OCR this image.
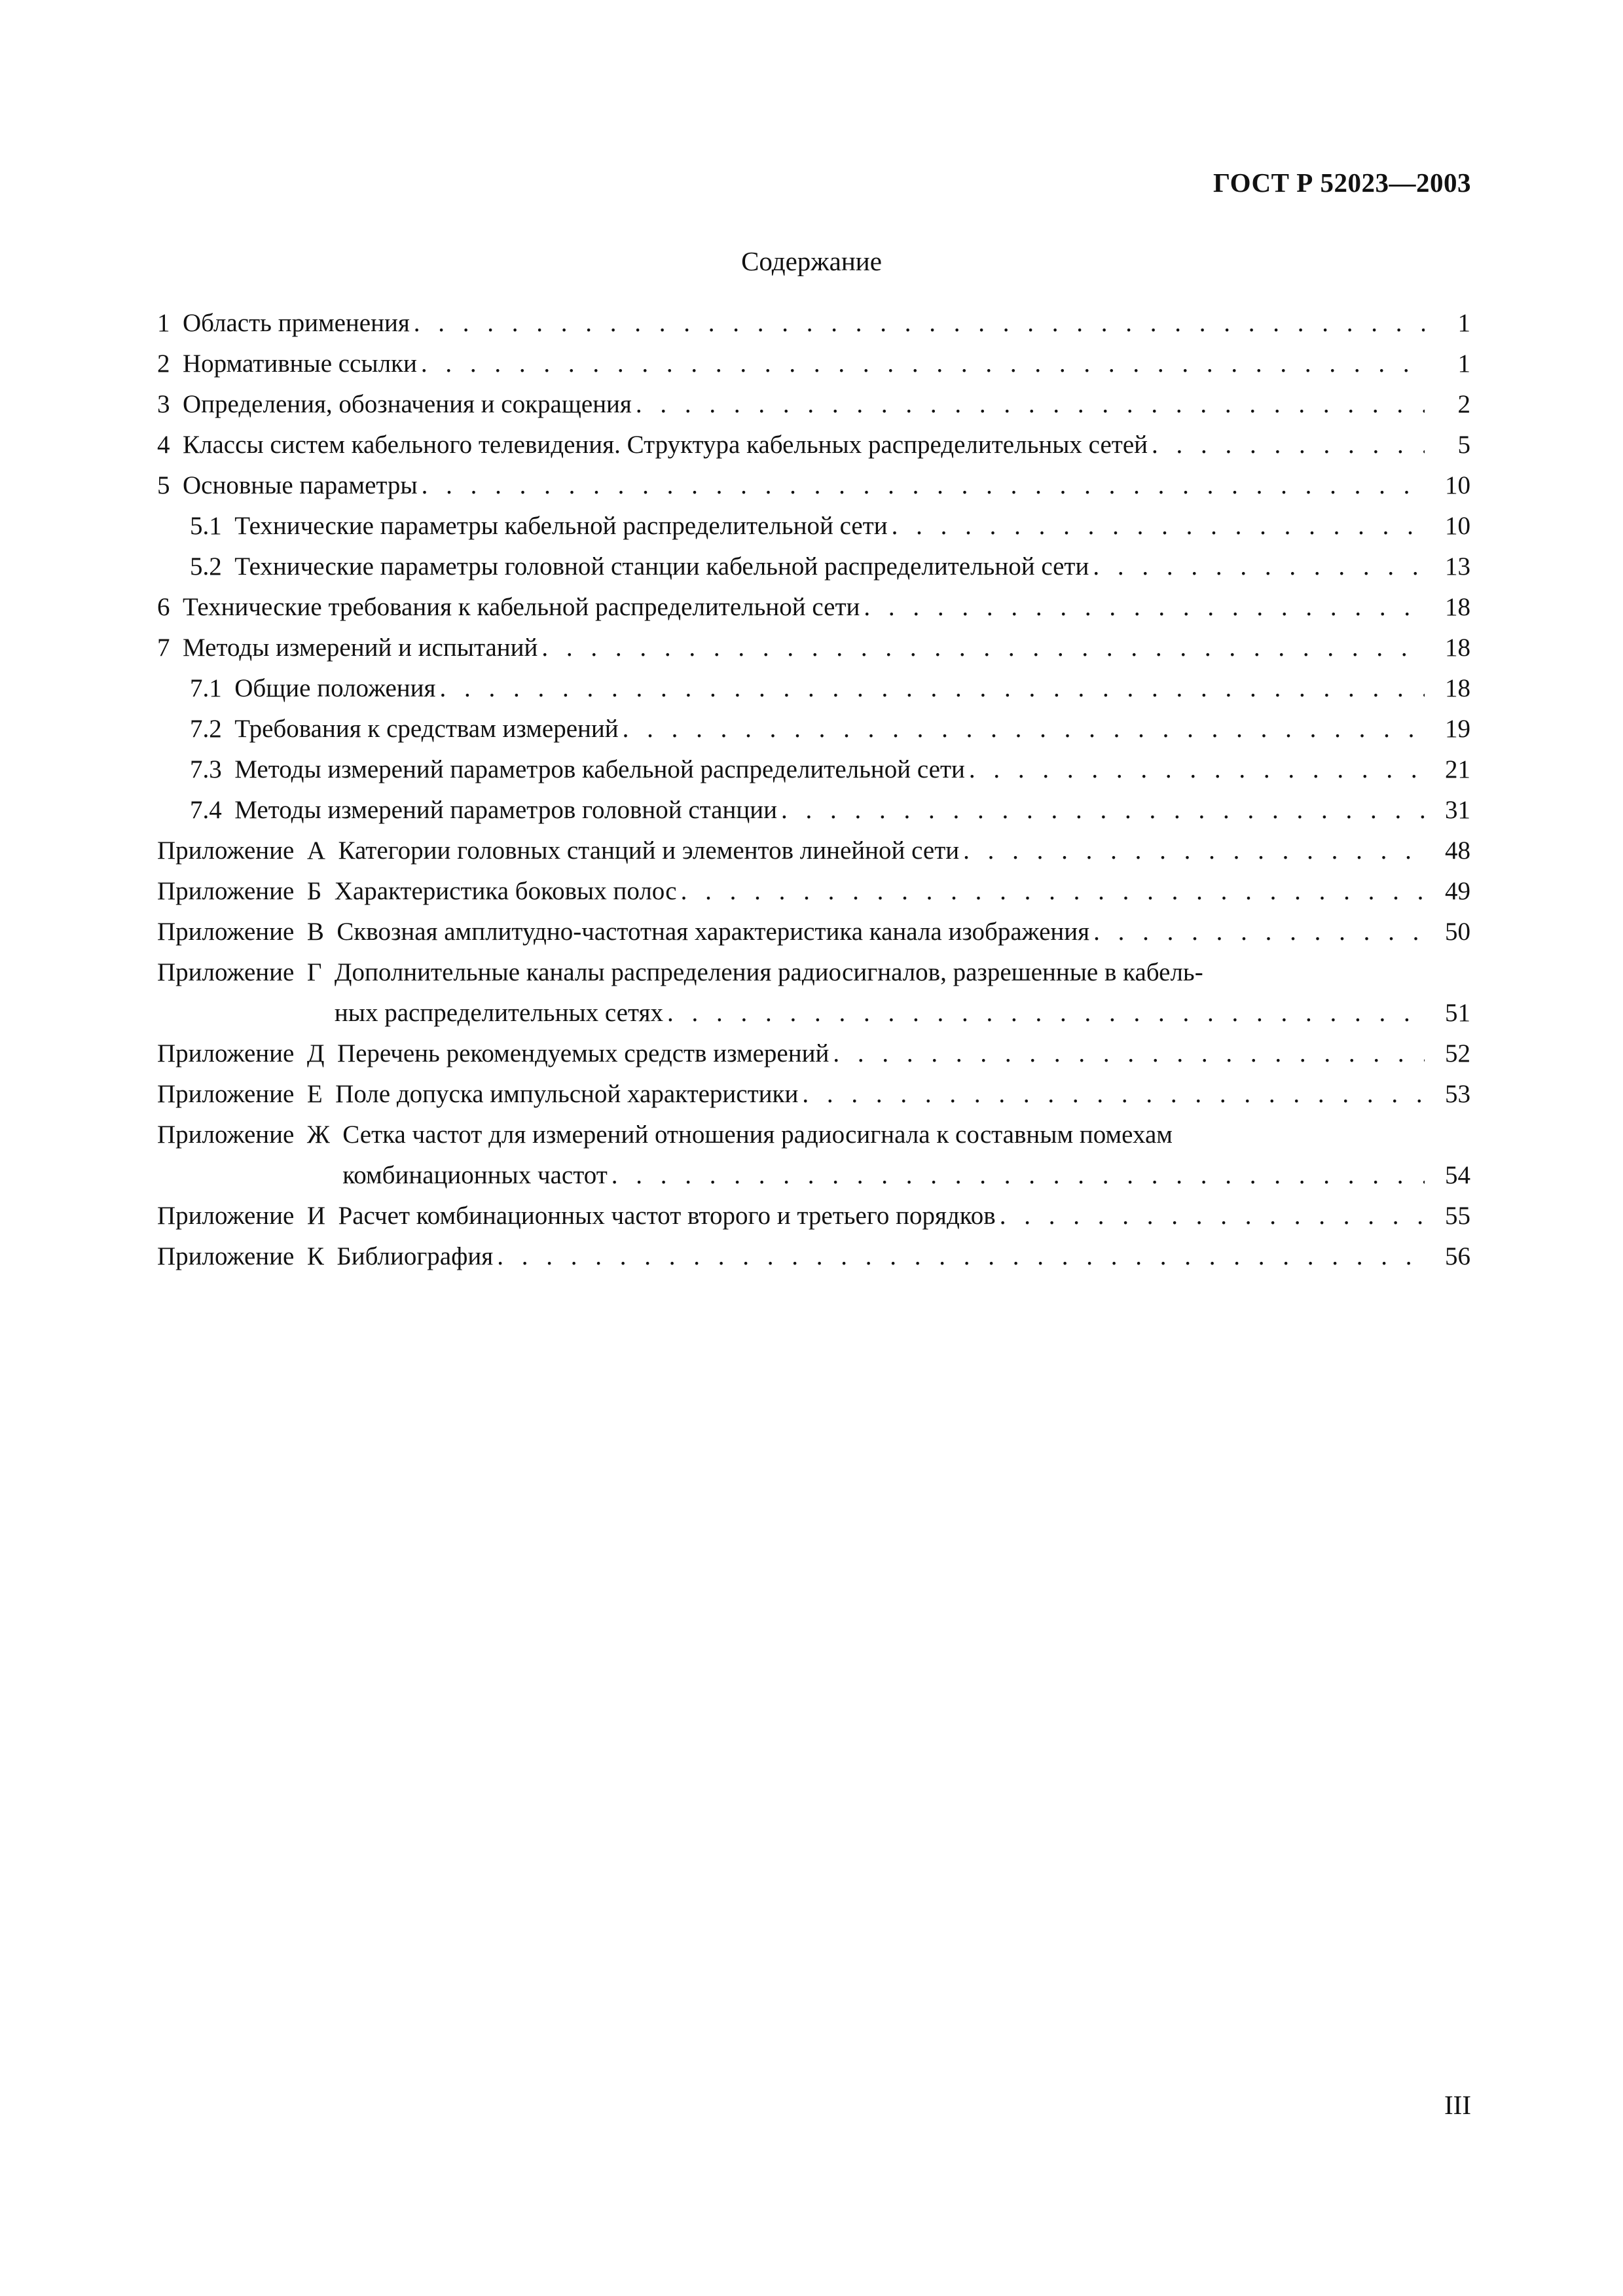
ГОСТ Р 52023—2003
Содержание
1 Область применения . . .	1
2 Нормативные ссылки . . .	1
3 Определения, обозначения и сокращения . . .	2
4 Классы систем кабельного телевидения. Структура кабельных распределительных сетей . . .	5
5 Основные параметры . . .	10
5.1 Технические параметры кабельной распределительной сети . . .	10
5.2 Технические параметры головной станции кабельной распределительной сети . . .	13
6 Технические требования к кабельной распределительной сети . . .	18
7 Методы измерений и испытаний . . .	18
7.1 Общие положения . . .	18
7.2 Требования к средствам измерений . . .	19
7.3 Методы измерений параметров кабельной распределительной сети . . .	21
7.4 Методы измерений параметров головной станции . . .	31
Приложение  А Категории головных станций и элементов линейной сети . . .	48
Приложение  Б Характеристика боковых полос . . .	49
Приложение  В Сквозная амплитудно-частотная характеристика канала изображения . . .	50
Приложение  Г Дополнительные каналы распределения радиосигналов, разрешенные в кабель-
ных распределительных сетях . . .	51
Приложение  Д Перечень рекомендуемых средств измерений . . .	52
Приложение  Е Поле допуска импульсной характеристики . . .	53
Приложение  Ж Сетка частот для измерений отношения радиосигнала к составным помехам
комбинационных частот . . .	54
Приложение  И Расчет комбинационных частот второго и третьего порядков . . .	55
Приложение  К Библиография . . .	56
III
